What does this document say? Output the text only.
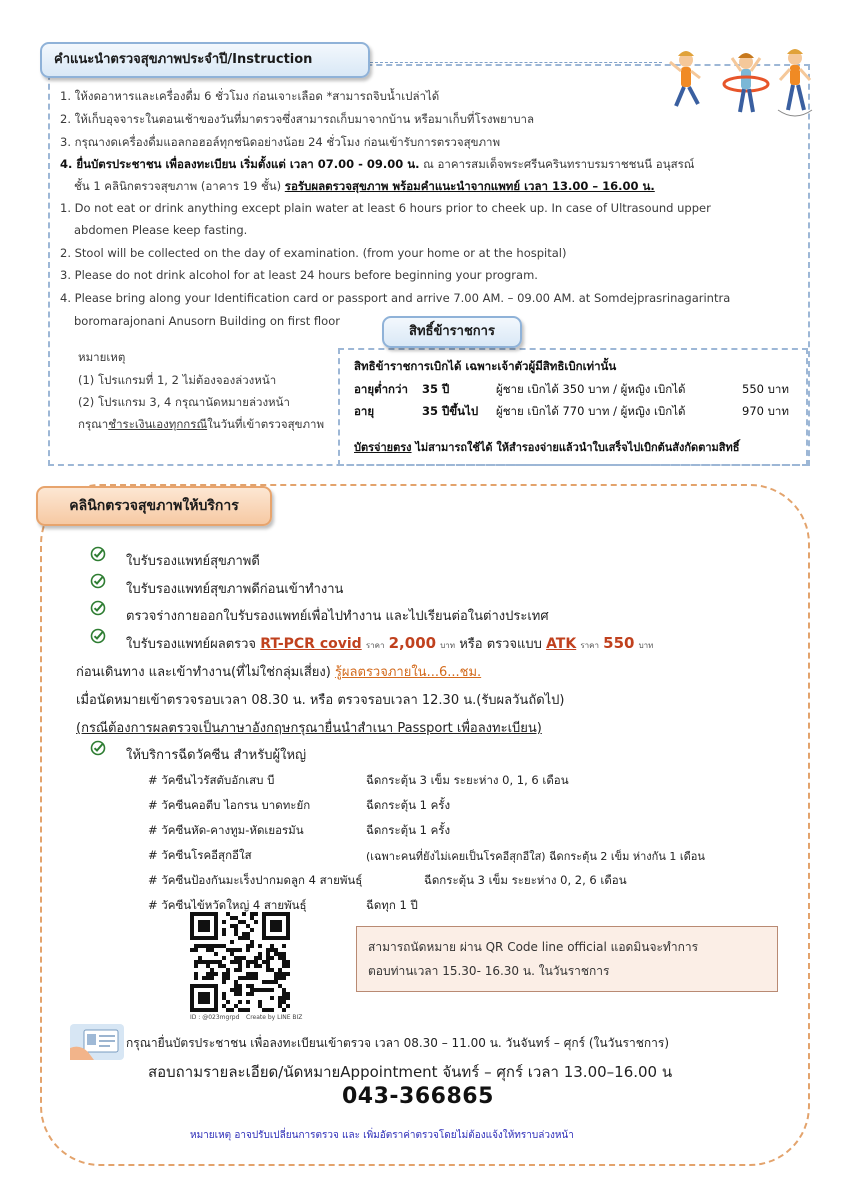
คำแนะนำตรวจสุขภาพประจำปี/Instruction
1. ให้งดอาหารและเครื่องดื่ม 6 ชั่วโมง ก่อนเจาะเลือด *สามารถจิบน้ำเปล่าได้
2. ให้เก็บอุจจาระในตอนเช้าของวันที่มาตรวจซึ่งสามารถเก็บมาจากบ้าน หรือมาเก็บที่โรงพยาบาล
3. กรุณางดเครื่องดื่มแอลกอฮอล์ทุกชนิดอย่างน้อย 24 ชั่วโมง ก่อนเข้ารับการตรวจสุขภาพ
4. ยื่นบัตรประชาชน เพื่อลงทะเบียน เริ่มตั้งแต่ เวลา 07.00 - 09.00 น. ณ อาคารสมเด็จพระศรีนครินทราบรมราชชนนี อนุสรณ์
ชั้น 1 คลินิกตรวจสุขภาพ (อาคาร 19 ชั้น) รอรับผลตรวจสุขภาพ พร้อมคำแนะนำจากแพทย์ เวลา 13.00 – 16.00 น.
1. Do not eat or drink anything except plain water at least 6 hours prior to cheek up. In case of Ultrasound upper
abdomen Please keep fasting.
2. Stool will be collected on the day of examination. (from your home or at the hospital)
3. Please do not drink alcohol for at least 24 hours before beginning your program.
4. Please bring along your Identification card or passport and arrive 7.00 AM. – 09.00 AM. at Somdejprasrinagarintra
boromarajonani Anusorn Building on first floor
หมายเหตุ
(1) โปรแกรมที่ 1, 2 ไม่ต้องจองล่วงหน้า
(2) โปรแกรม 3, 4 กรุณานัดหมายล่วงหน้า
กรุณาชำระเงินเองทุกกรณีในวันที่เข้าตรวจสุขภาพ
สิทธิ์ข้าราชการ
สิทธิข้าราชการเบิกได้ เฉพาะเจ้าตัวผู้มีสิทธิเบิกเท่านั้น
อายุต่ำกว่า 35 ปี	ผู้ชาย เบิกได้ 350 บาท / ผู้หญิง เบิกได้	550 บาท
อายุ	35 ปีขึ้นไป ผู้ชาย เบิกได้ 770 บาท / ผู้หญิง เบิกได้	970 บาท
บัตรจ่ายตรง ไม่สามารถใช้ได้ ให้สำรองจ่ายแล้วนำใบเสร็จไปเบิกต้นสังกัดตามสิทธิ์
คลินิกตรวจสุขภาพให้บริการ
ใบรับรองแพทย์สุขภาพดี
ใบรับรองแพทย์สุขภาพดีก่อนเข้าทำงาน
ตรวจร่างกายออกใบรับรองแพทย์เพื่อไปทำงาน และไปเรียนต่อในต่างประเทศ
ใบรับรองแพทย์ผลตรวจ RT-PCR covid ราคา 2,000 บาท หรือ ตรวจแบบ ATK ราคา 550 บาท
ก่อนเดินทาง และเข้าทำงาน(ที่ไม่ใช่กลุ่มเสี่ยง) รู้ผลตรวจภายใน...6...ชม.
เมื่อนัดหมายเข้าตรวจรอบเวลา 08.30 น. หรือ ตรวจรอบเวลา 12.30 น.(รับผลวันถัดไป)
(กรณีต้องการผลตรวจเป็นภาษาอังกฤษกรุณายื่นนำสำเนา Passport เพื่อลงทะเบียน)
ให้บริการฉีดวัคซีน สำหรับผู้ใหญ่
# วัคซีนไวรัสตับอักเสบ บี	ฉีดกระตุ้น 3 เข็ม ระยะห่าง 0, 1, 6 เดือน
# วัคซีนคอตีบ ไอกรน บาดทะยัก	ฉีดกระตุ้น 1 ครั้ง
# วัคซีนหัด-คางทูม-หัดเยอรมัน	ฉีดกระตุ้น 1 ครั้ง
# วัคซีนโรคอีสุกอีใส	(เฉพาะคนที่ยังไม่เคยเป็นโรคอีสุกอีใส) ฉีดกระตุ้น 2 เข็ม ห่างกัน 1 เดือน
# วัคซีนป้องกันมะเร็งปากมดลูก 4 สายพันธุ์	ฉีดกระตุ้น 3 เข็ม ระยะห่าง 0, 2, 6 เดือน
# วัคซีนไข้หวัดใหญ่ 4 สายพันธุ์	ฉีดทุก 1 ปี
ID : @023mgrpd Create by LINE BIZ
สามารถนัดหมาย ผ่าน QR Code line official แอดมินจะทำการ
ตอบท่านเวลา 15.30- 16.30 น. ในวันราชการ
กรุณายื่นบัตรประชาชน เพื่อลงทะเบียนเข้าตรวจ เวลา 08.30 – 11.00 น. วันจันทร์ – ศุกร์ (ในวันราชการ)
สอบถามรายละเอียด/นัดหมายAppointment จันทร์ – ศุกร์ เวลา 13.00–16.00 น
043-366865
หมายเหตุ อาจปรับเปลี่ยนการตรวจ และ เพิ่มอัตราค่าตรวจโดยไม่ต้องแจ้งให้ทราบล่วงหน้า
